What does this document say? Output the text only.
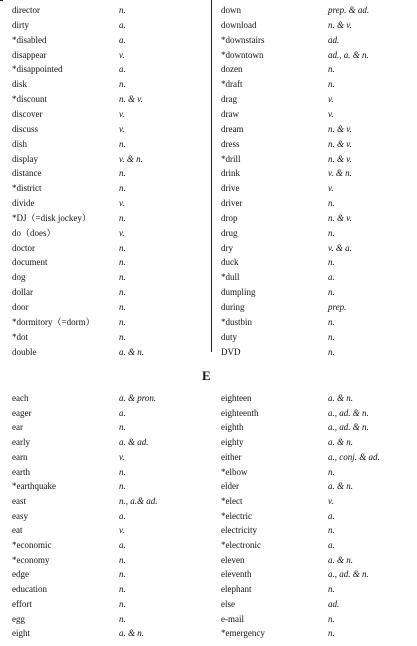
director	n.
dirty	a.
*disabled	a.
disappear	v.
*disappointed	a.
disk	n.
*discount	n. & v.
discover	v.
discuss	v.
dish	n.
display	v. & n.
distance	n.
*district	n.
divide	v.
*DJ（=disk jockey）	n.
do（does）	v.
doctor	n.
document	n.
dog	n.
dollar	n.
door	n.
*dormitory（=dorm）	n.
*dot	n.
double	a. & n.
down	prep. & ad.
download	n. & v.
*downstairs	ad.
*downtown	ad., a. & n.
dozen	n.
*draft	n.
drag	v.
draw	v.
dream	n. & v.
dress	n. & v.
*drill	n. & v.
drink	v. & n.
drive	v.
driver	n.
drop	n. & v.
drug	n.
dry	v. & a.
duck	n.
*dull	a.
dumpling	n.
during	prep.
*dustbin	n.
duty	n.
DVD	n.
E
each	a. & pron.
eager	a.
ear	n.
early	a. & ad.
earn	v.
earth	n.
*earthquake	n.
east	n., a.& ad.
easy	a.
eat	v.
*economic	a.
*economy	n.
edge	n.
education	n.
effort	n.
egg	n.
eight	a. & n.
eighteen	a. & n.
eighteenth	a., ad. & n.
eighth	a., ad. & n.
eighty	a. & n.
either	a., conj. & ad.
*elbow	n.
elder	a. & n.
*elect	v.
*electric	a.
electricity	n.
*electronic	a.
eleven	a. & n.
eleventh	a., ad. & n.
elephant	n.
else	ad.
e-mail	n.
*emergency	n.
